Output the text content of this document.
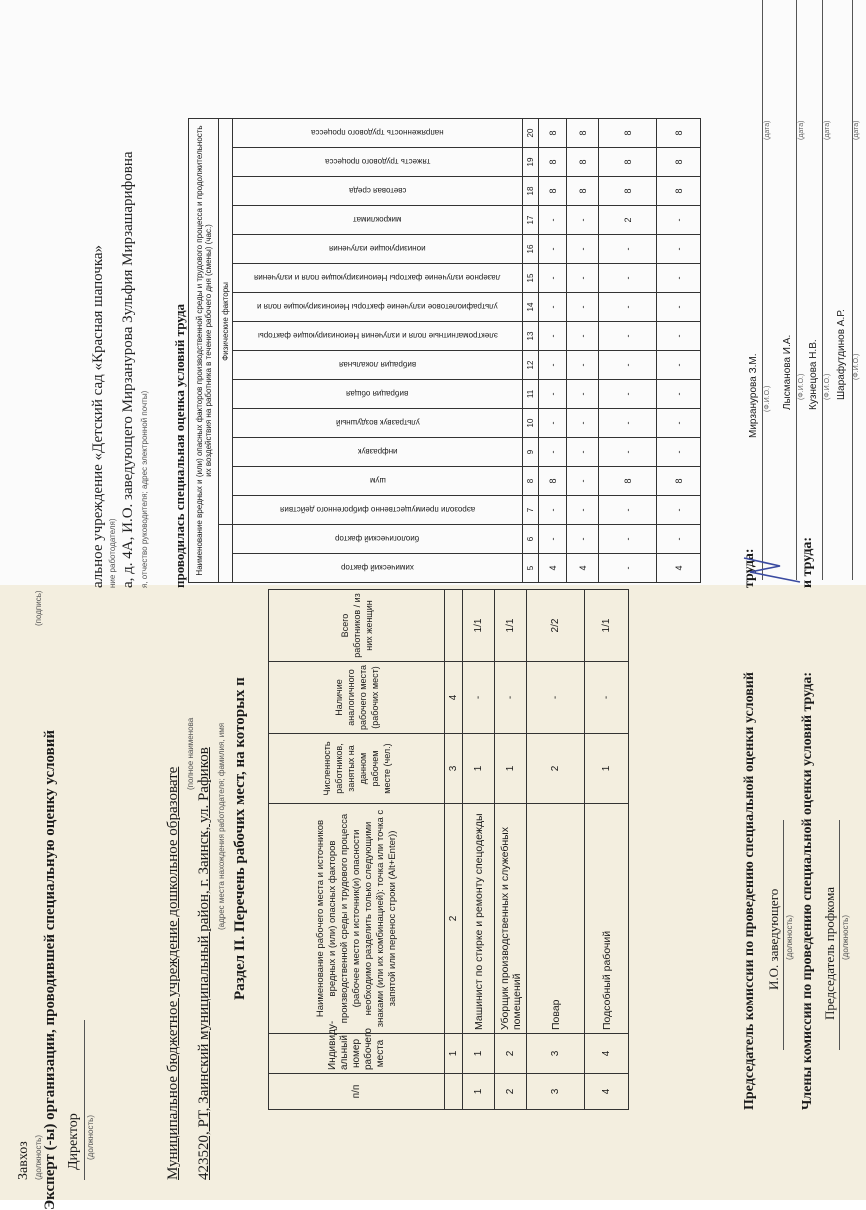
Завхоз (должность)
(подпись)
Эксперт (-ы) организации, проводившей специальную оценку условий Директор (должность)	Муниципальное бюджетное учреждение дошкольное образовате
(полное наименова 423520, РТ, Заинский муниципальный район, г. Заинск, ул. Рафиков (адрес места нахождения работодателя; фамилия, имя Раздел II. Перечень рабочих мест, на которых п
п/п	Индивиду-альный номер рабочего места	Наименование рабочего места и источников вредных и (или) опасных факторов производственной среды и трудового процесса (рабочее место и источник(и) опасности необходимо разделить только следующими знаками (или их комбинацией): точка или точка с запятой или перенос строки (Alt+Enter))	Численность работников, занятых на данном рабочем месте (чел.)	Наличие аналогичного рабочего места (рабочих мест)	Всего работников / из них женщин
	1	2	3	4	
1	1	Машинист по стирке и ремонту спецодежды	1	-	1/1
2	2	Уборщик производственных и служебных помещений	1	-	1/1
3	3	Повар	2	-	2/2
4	4	Подсобный рабочий	1	-	1/1
Председатель комиссии по проведению специальной оценки условий И.О. заведующего (должность) Члены комиссии по проведению специальной оценки условий труда: Председатель профкома (должность)
альное учреждение «Детский сад «Красная шапочка» ние работодателя) а, д. 4А, И.О. заведующего Мирзанурова Зульфия Мирзашарифовна я, отчество руководителя; адрес электронной почты) проводилась специальная оценка условий труда Наименование вредных и (или) опасных факторов производственной среды и трудового процесса и продолжительность их воздействия на работника в течение рабочего дня (смены) (час.)															
		Физические факторы													

химический фактор	биологический фактор	аэрозоли преимущественно фиброгенного действия	шум	инфразвук	ультразвук воздушный	вибрация общая	вибрация локальная	электромагнитные поля и излучения Неионизирующие факторы	ультрафиолетовое излучение факторы Неионизирующие поля и	лазерное излучение факторы Неионизирующие поля и излучения	ионизирующие излучения	микроклимат	световая среда	тяжесть трудового процесса	напряженность трудового процесса

5	6	7	8	9	10	11	12	13	14	15	16	17	18	19	20
4	-	-	8	-	-	-	-	-	-	-	-	-	8	8	8
4	-	-	-	-	-	-	-	-	-	-	-	-	8	8	8
-	-	-	8	-	-	-	-	-	-	-	-	2	8	8	8
4	-	-	8	-	-	-	-	-	-	-	-	-	8	8	8
труда:	и труда:
Мирзанурова З.М. (Ф.И.О.)
(дата)
Лысманова И.А. (Ф.И.О.)
(дата)
Кузнецова Н.В. (Ф.И.О.)
(дата)
Шарафутдинов А.Р. (Ф.И.О.)
(дата)
